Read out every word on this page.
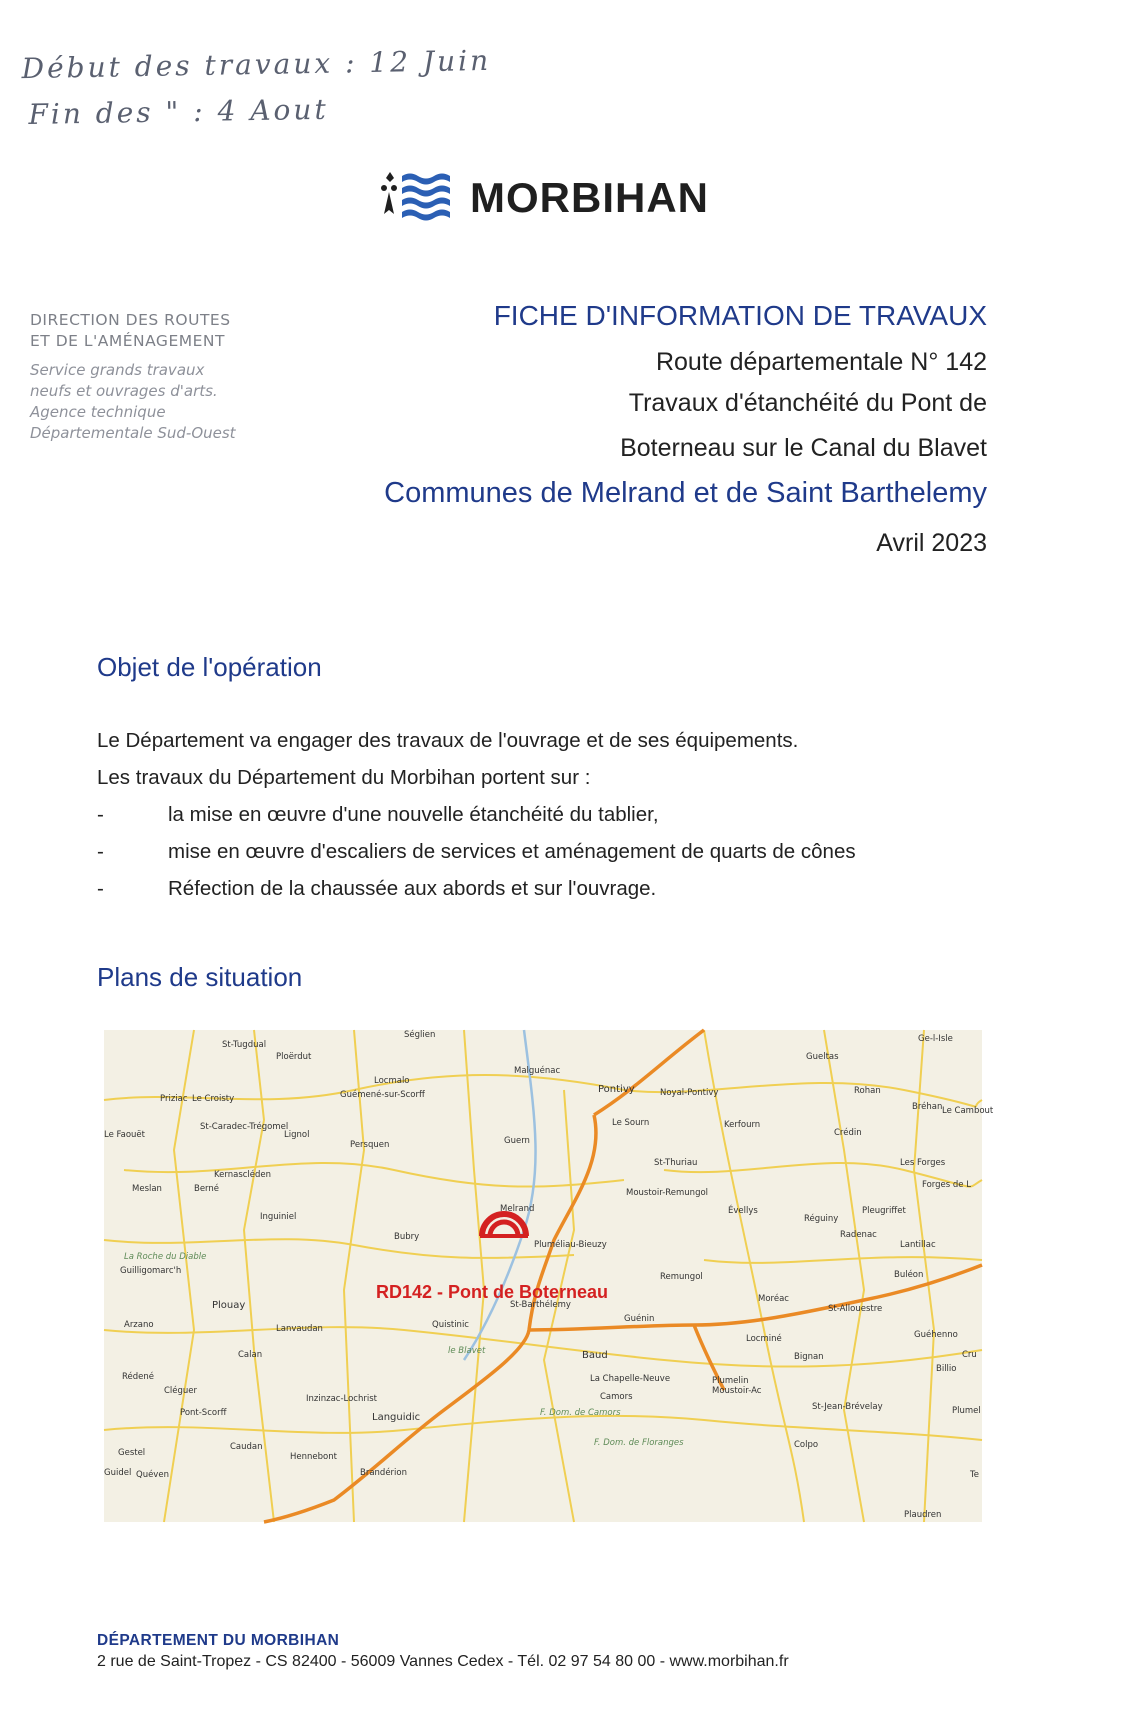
Début des travaux : 12 Juin
Fin des " : 4 Aout
MORBIHAN
DIRECTION DES ROUTES
ET DE L'AMÉNAGEMENT
Service grands travaux
neufs et ouvrages d'arts.
Agence technique
Départementale Sud-Ouest
FICHE D'INFORMATION DE TRAVAUX
Route départementale N° 142
Travaux d'étanchéité du Pont de
Boterneau sur le Canal du Blavet
Communes de Melrand et de Saint Barthelemy
Avril 2023
Objet de l'opération

Le Département va engager des travaux de l'ouvrage et de ses équipements.

Les travaux du Département du Morbihan portent sur :

-	la mise en œuvre d'une nouvelle étanchéité du tablier,
-	mise en œuvre d'escaliers de services et aménagement de quarts de cônes
-	Réfection de la chaussée aux abords et sur l'ouvrage.
Plans de situation
RD142 - Pont de Boterneau
Séglien
St-Tugdual
Ploërdut
Malguénac
Gueltas
Ge-l-Isle
Rohan
Bréhan Le Cambout
Priziac Le Croisty
Locmalo
Guémené-sur-Scorff	Pontivy	Noyal-Pontivy
Le Faouët
St-Caradec-Trégomel
Lignol
Le Sourn	Kerfourn
Crédin
Persquen	Guern
St-Thuriau	Les Forges
Kernascléden
Meslan	Berné	Moustoir-Remungol
Forges de L
Inguiniel
Melrand	Évellys
Réguiny
Pleugriffet
Radenac
Bubry
Pluméliau-Bieuzy	Lantillac
La Roche du Diable
Guilligomarc'h
Remungol	Buléon
St-Barthélemy
Plouay
Moréac
St-Allouestre
Arzano	Lanvaudan	Quistinic
Guénin
Locminé	Guéhenno
le Blavet
Calan	Baud	Bignan	Cru
Billio
Rédené	La Chapelle-Neuve	Plumelin
Moustoir-Ac
Cléguer
Inzinzac-Lochrist	Camors
St-Jean-Brévelay
Pont-Scorff	Languidic	F. Dom. de Camors	Plumel
F. Dom. de Floranges
Gestel
Caudan	Colpo
Hennebont
Guidel Quéven	Brandérion	Te
Plaudren
DÉPARTEMENT DU MORBIHAN
2 rue de Saint-Tropez - CS 82400 - 56009 Vannes Cedex - Tél. 02 97 54 80 00 - www.morbihan.fr
